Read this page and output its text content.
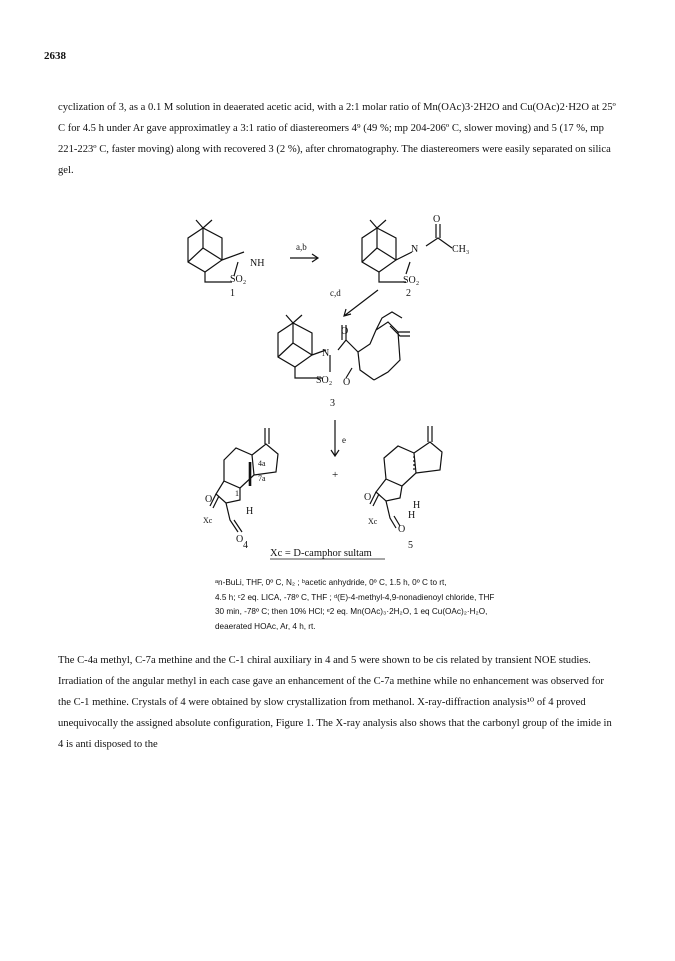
2638
cyclization of 3, as a 0.1 M solution in deaerated acetic acid, with a 2:1 molar ratio of Mn(OAc)3·2H2O and Cu(OAc)2·H2O at 25º C for 4.5 h under Ar gave approximatley a 3:1 ratio of diastereomers 4⁹ (49 %; mp 204-206º C, slower moving) and 5 (17 %, mp 221-223º C, faster moving) along with recovered 3 (2 %), after chromatography. The diastereomers were easily separated on silica gel.
NH
SO₂
1
a,b	N
O
CH₃
SO₂
2
c,d
O
N
SO₂ O
3
e
+
4a
7a
1
O
H
Xc
O
4
O
H
H
Xc
O
5
Xc = D-camphor sultam
ᵃn-BuLi, THF, 0º C, N₂ ; ᵇacetic anhydride, 0º C, 1.5 h, 0º C to rt,
4.5 h; ᶜ2 eq. LICA, -78º C, THF ; ᵈ(E)-4-methyl-4,9-nonadienoyl chloride, THF
30 min, -78º C; then 10% HCl; ᵉ2 eq. Mn(OAc)₃·2H₂O, 1 eq Cu(OAc)₂·H₂O,
deaerated HOAc, Ar, 4 h, rt.
The C-4a methyl, C-7a methine and the C-1 chiral auxiliary in 4 and 5 were shown to be cis related by transient NOE studies. Irradiation of the angular methyl in each case gave an enhancement of the C-7a methine while no enhancement was observed for the C-1 methine. Crystals of 4 were obtained by slow crystallization from methanol. X-ray-diffraction analysis¹⁰ of 4 proved unequivocally the assigned absolute configuration, Figure 1. The X-ray analysis also shows that the carbonyl group of the imide in 4 is anti disposed to the
